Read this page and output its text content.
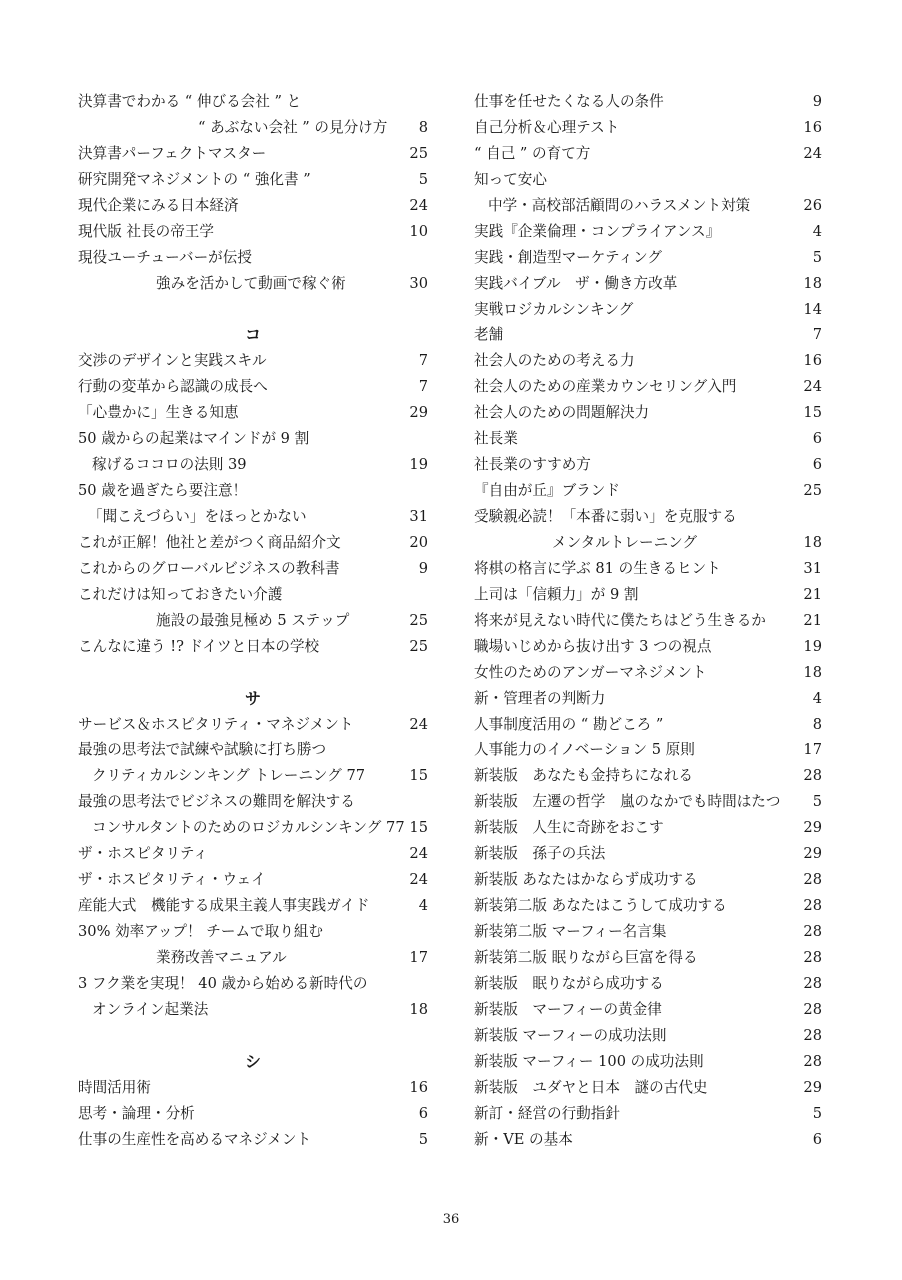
決算書でわかる “ 伸びる会社 ” と
“ あぶない会社 ” の見分け方 8
決算書パーフェクトマスター	25
研究開発マネジメントの “ 強化書 ”	5
現代企業にみる日本経済	24
現代版 社長の帝王学	10
現役ユーチューバーが伝授
強みを活かして動画で稼ぐ術	30
コ
交渉のデザインと実践スキル	7
行動の変革から認識の成長へ	7
「心豊かに」生きる知恵	29
50 歳からの起業はマインドが 9 割
稼げるココロの法則 39	19
50 歳を過ぎたら要注意！
「聞こえづらい」をほっとかない	31
これが正解！他社と差がつく商品紹介文	20
これからのグローバルビジネスの教科書	9
これだけは知っておきたい介護
施設の最強見極め 5 ステップ	25
こんなに違う !? ドイツと日本の学校	25
サ
サービス＆ホスピタリティ・マネジメント	24
最強の思考法で試練や試験に打ち勝つ
クリティカルシンキング トレーニング 77	15
最強の思考法でビジネスの難問を解決する
コンサルタントのためのロジカルシンキング 77 15
ザ・ホスピタリティ	24
ザ・ホスピタリティ・ウェイ	24
産能大式　機能する成果主義人事実践ガイド	4
30% 効率アップ！ チームで取り組む
業務改善マニュアル	17
3 フク業を実現！ 40 歳から始める新時代の
オンライン起業法	18
シ
時間活用術	16
思考・論理・分析	6
仕事の生産性を高めるマネジメント	5
仕事を任せたくなる人の条件	9
自己分析＆心理テスト	16
“ 自己 ” の育て方	24
知って安心
中学・高校部活顧問のハラスメント対策	26
実践『企業倫理・コンプライアンス』	4
実践・創造型マーケティング	5
実践バイブル　ザ・働き方改革	18
実戦ロジカルシンキング	14
老舗	7
社会人のための考える力	16
社会人のための産業カウンセリング入門	24
社会人のための問題解決力	15
社長業	6
社長業のすすめ方	6
『自由が丘』ブランド	25
受験親必読！「本番に弱い」を克服する
メンタルトレーニング	18
将棋の格言に学ぶ 81 の生きるヒント	31
上司は「信頼力」が 9 割	21
将来が見えない時代に僕たちはどう生きるか	21
職場いじめから抜け出す 3 つの視点	19
女性のためのアンガーマネジメント	18
新・管理者の判断力	4
人事制度活用の “ 勘どころ ”	8
人事能力のイノベーション 5 原則	17
新装版　あなたも金持ちになれる	28
新装版　左遷の哲学　嵐のなかでも時間はたつ 5
新装版　人生に奇跡をおこす	29
新装版　孫子の兵法	29
新装版 あなたはかならず成功する	28
新装第二版 あなたはこうして成功する	28
新装第二版 マーフィー名言集	28
新装第二版 眠りながら巨富を得る	28
新装版　眠りながら成功する	28
新装版　マーフィーの黄金律	28
新装版 マーフィーの成功法則	28
新装版 マーフィー 100 の成功法則	28
新装版　ユダヤと日本　謎の古代史	29
新訂・経営の行動指針	5
新・VE の基本	6
36
